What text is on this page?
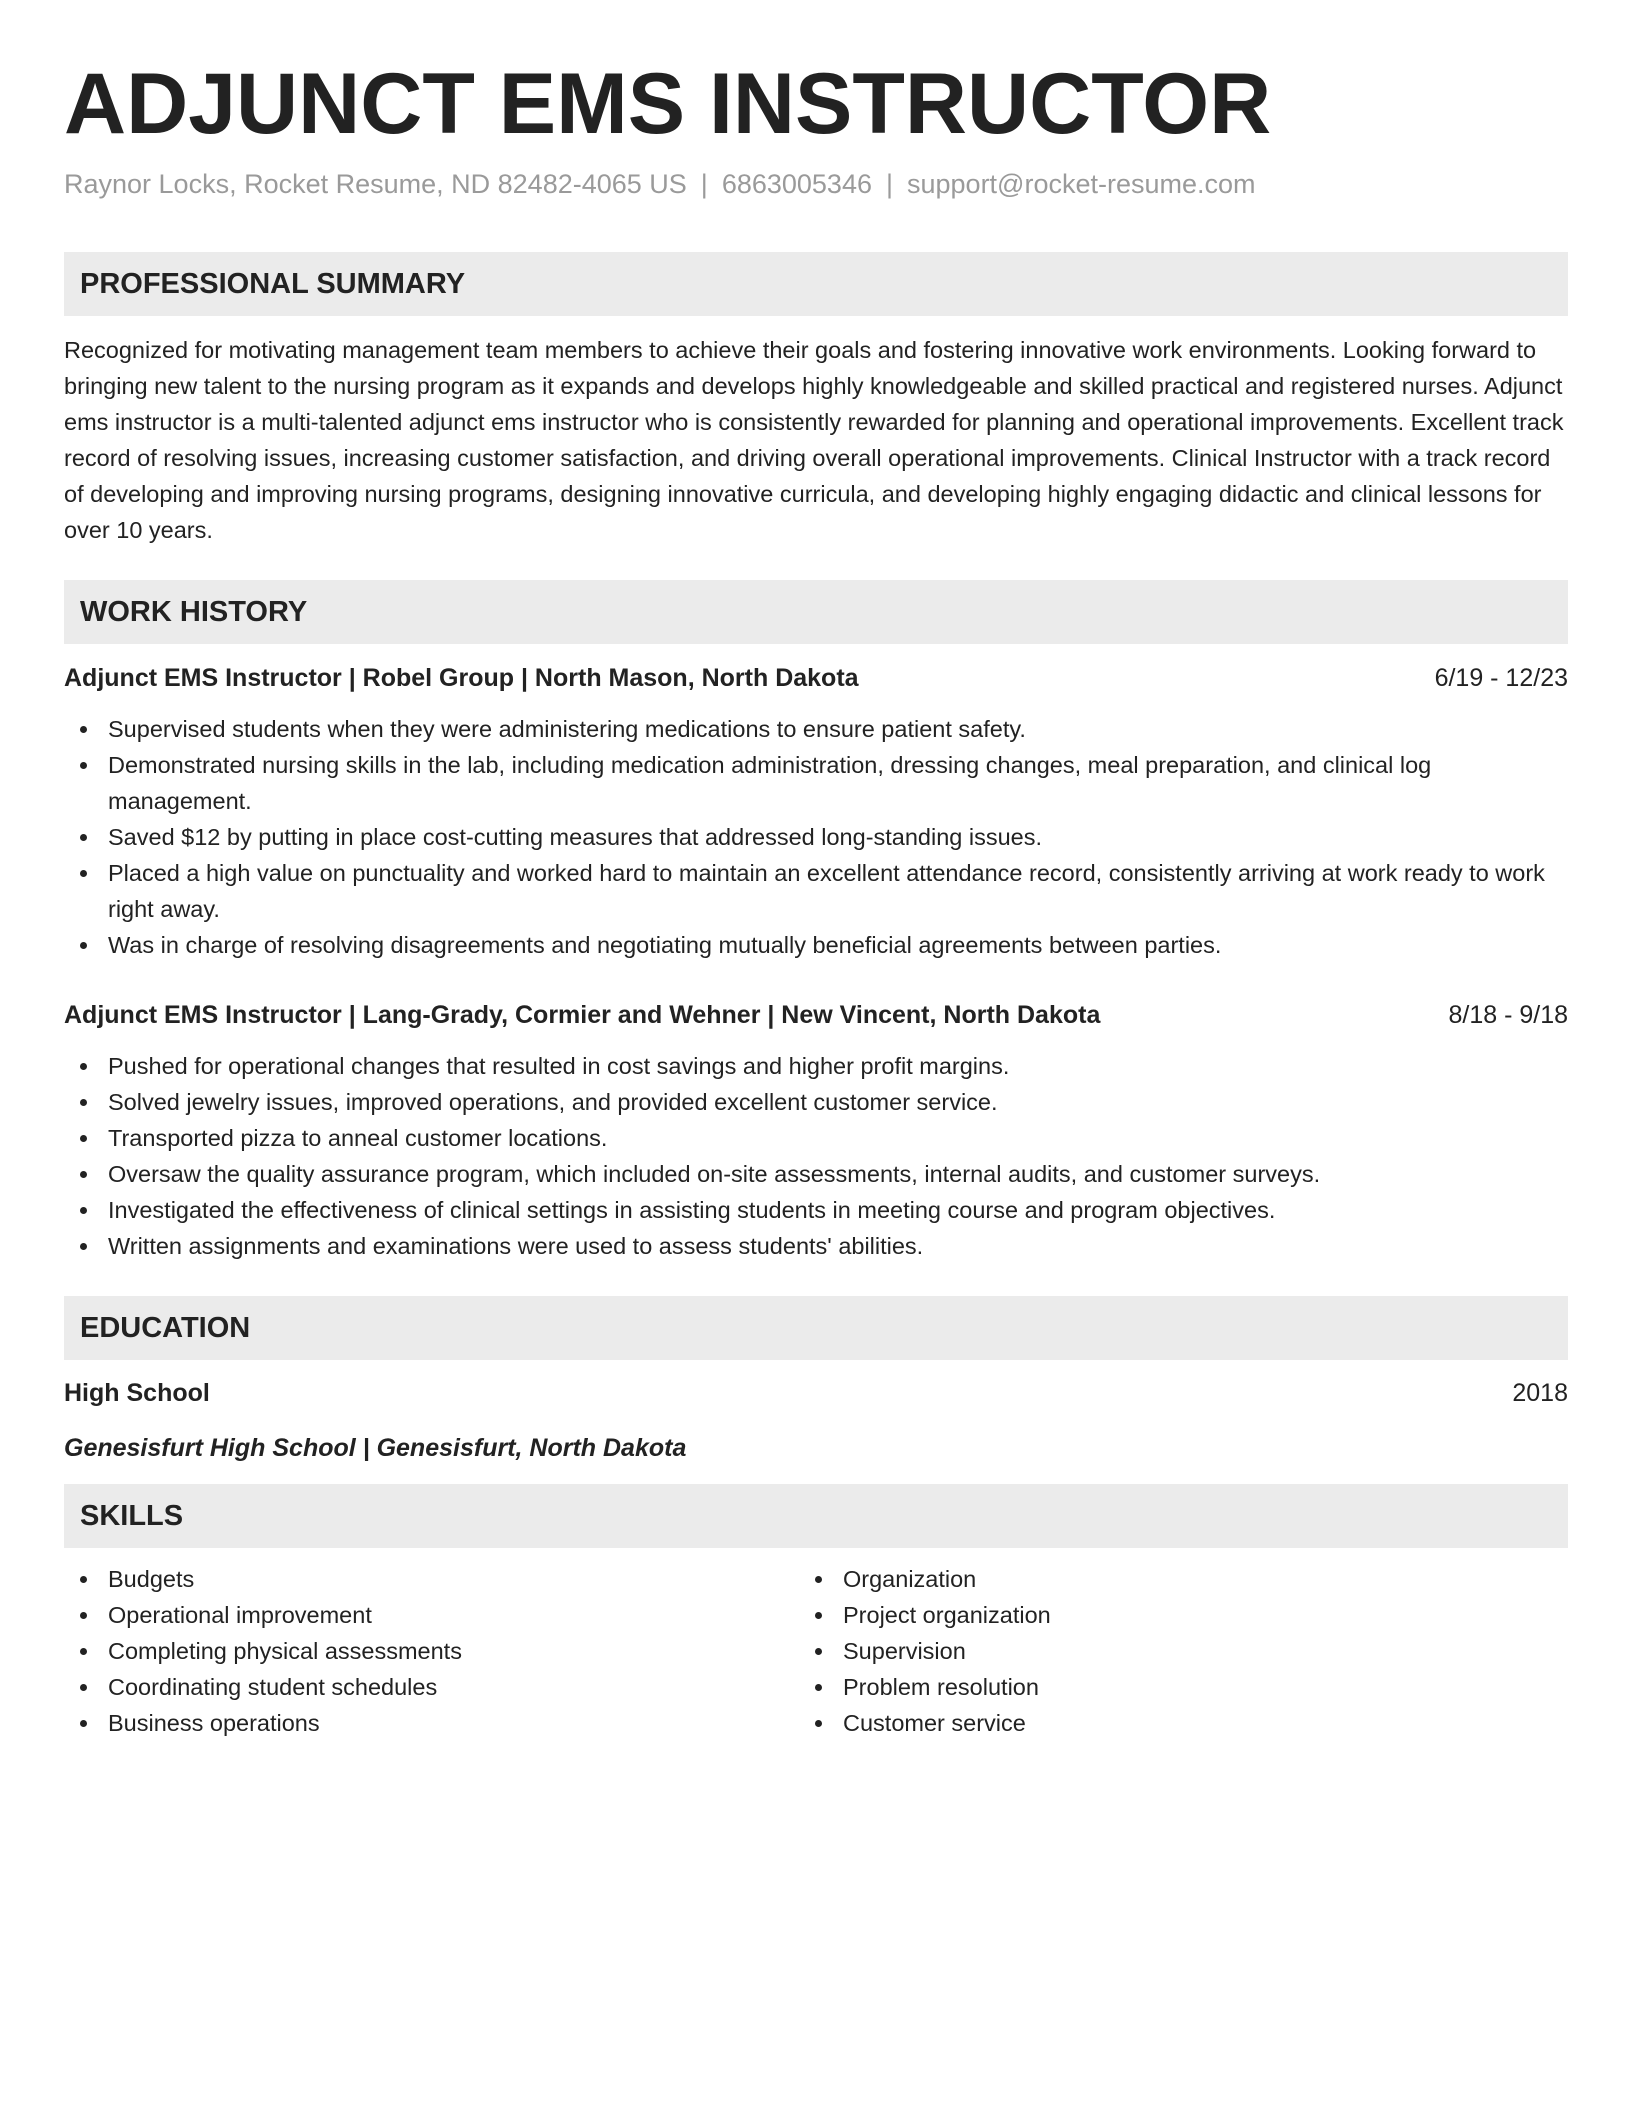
ADJUNCT EMS INSTRUCTOR
Raynor Locks, Rocket Resume, ND 82482-4065 US | 6863005346 | support@rocket-resume.com
PROFESSIONAL SUMMARY

Recognized for motivating management team members to achieve their goals and fostering innovative work environments. Looking forward to bringing new talent to the nursing program as it expands and develops highly knowledgeable and skilled practical and registered nurses. Adjunct ems instructor is a multi-talented adjunct ems instructor who is consistently rewarded for planning and operational improvements. Excellent track record of resolving issues, increasing customer satisfaction, and driving overall operational improvements. Clinical Instructor with a track record of developing and improving nursing programs, designing innovative curricula, and developing highly engaging didactic and clinical lessons for over 10 years.

WORK HISTORY
Adjunct EMS Instructor | Robel Group | North Mason, North Dakota	6/19 - 12/23
Supervised students when they were administering medications to ensure patient safety.
Demonstrated nursing skills in the lab, including medication administration, dressing changes, meal preparation, and clinical log management.
Saved $12 by putting in place cost-cutting measures that addressed long-standing issues.
Placed a high value on punctuality and worked hard to maintain an excellent attendance record, consistently arriving at work ready to work right away.
Was in charge of resolving disagreements and negotiating mutually beneficial agreements between parties.
Adjunct EMS Instructor | Lang-Grady, Cormier and Wehner | New Vincent, North Dakota	8/18 - 9/18
Pushed for operational changes that resulted in cost savings and higher profit margins.
Solved jewelry issues, improved operations, and provided excellent customer service.
Transported pizza to anneal customer locations.
Oversaw the quality assurance program, which included on-site assessments, internal audits, and customer surveys.
Investigated the effectiveness of clinical settings in assisting students in meeting course and program objectives.
Written assignments and examinations were used to assess students' abilities.
EDUCATION
High School	2018
Genesisfurt High School | Genesisfurt, North Dakota
SKILLS
Budgets
Operational improvement
Completing physical assessments
Coordinating student schedules
Business operations
Organization
Project organization
Supervision
Problem resolution
Customer service
